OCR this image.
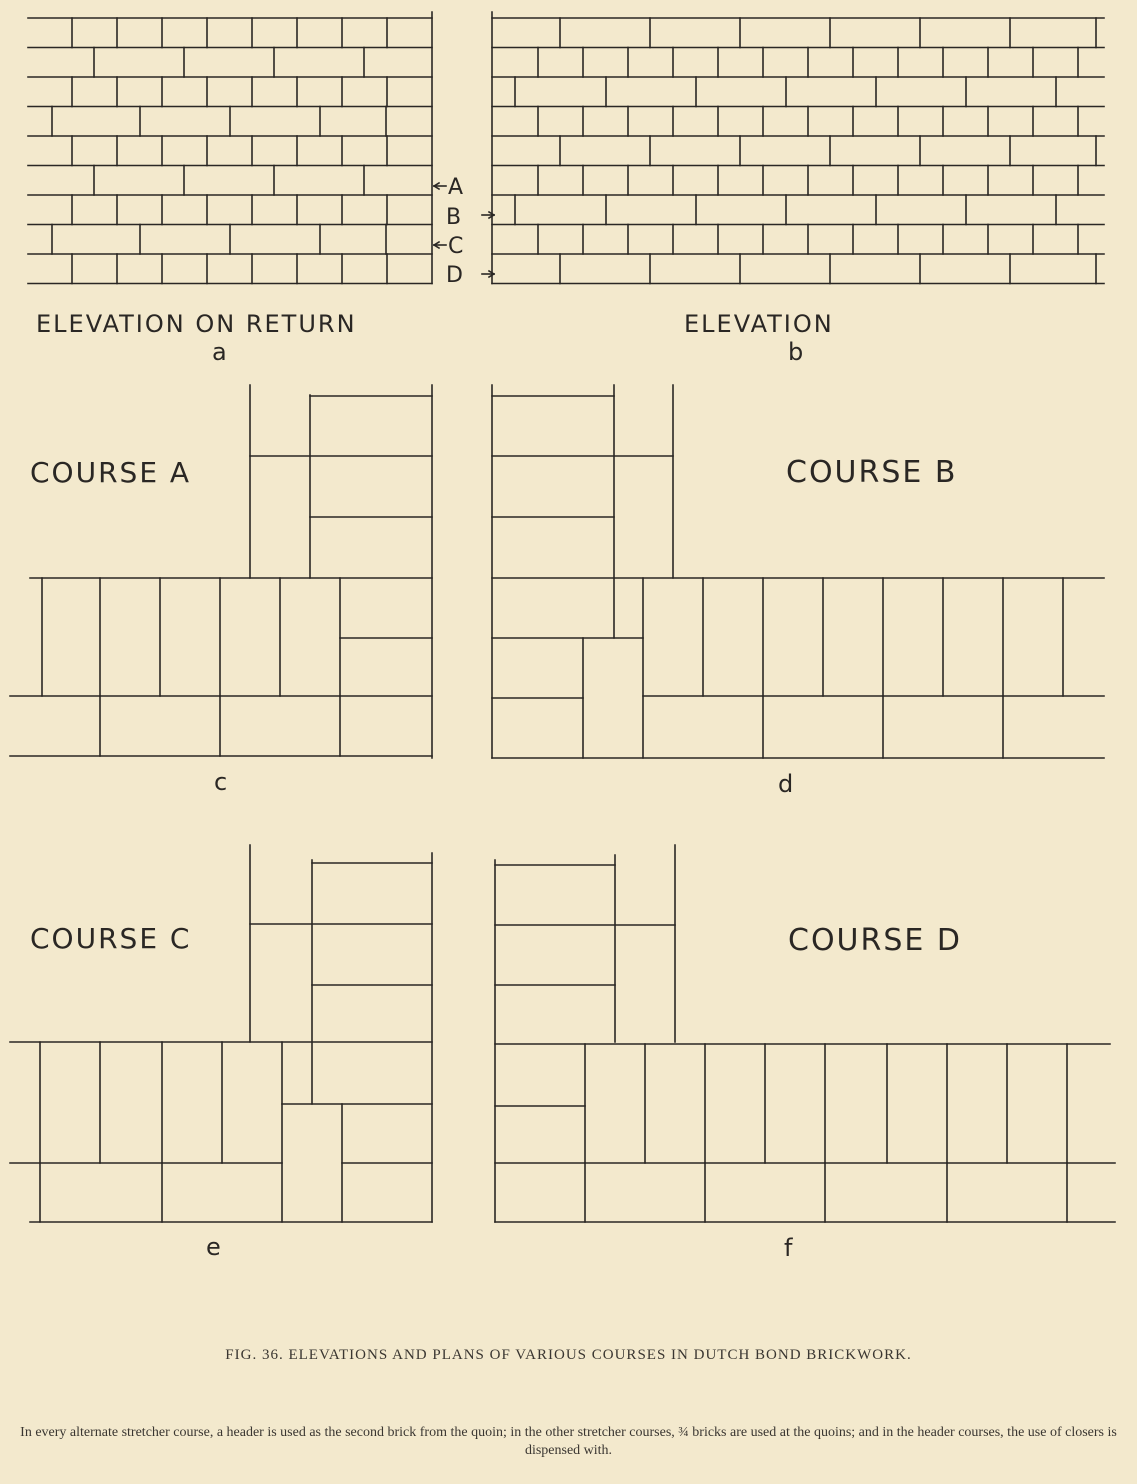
A
B
C
D
ELEVATION ON RETURN
a
ELEVATION
b
COURSE A
c
COURSE B
d
COURSE C
e
COURSE D
f
FIG. 36. ELEVATIONS AND PLANS OF VARIOUS COURSES IN DUTCH BOND BRICKWORK.
In every alternate stretcher course, a header is used as the second brick from the quoin; in the other stretcher courses, ¾ bricks are used at the quoins; and in the header courses, the use of closers is dispensed with.
